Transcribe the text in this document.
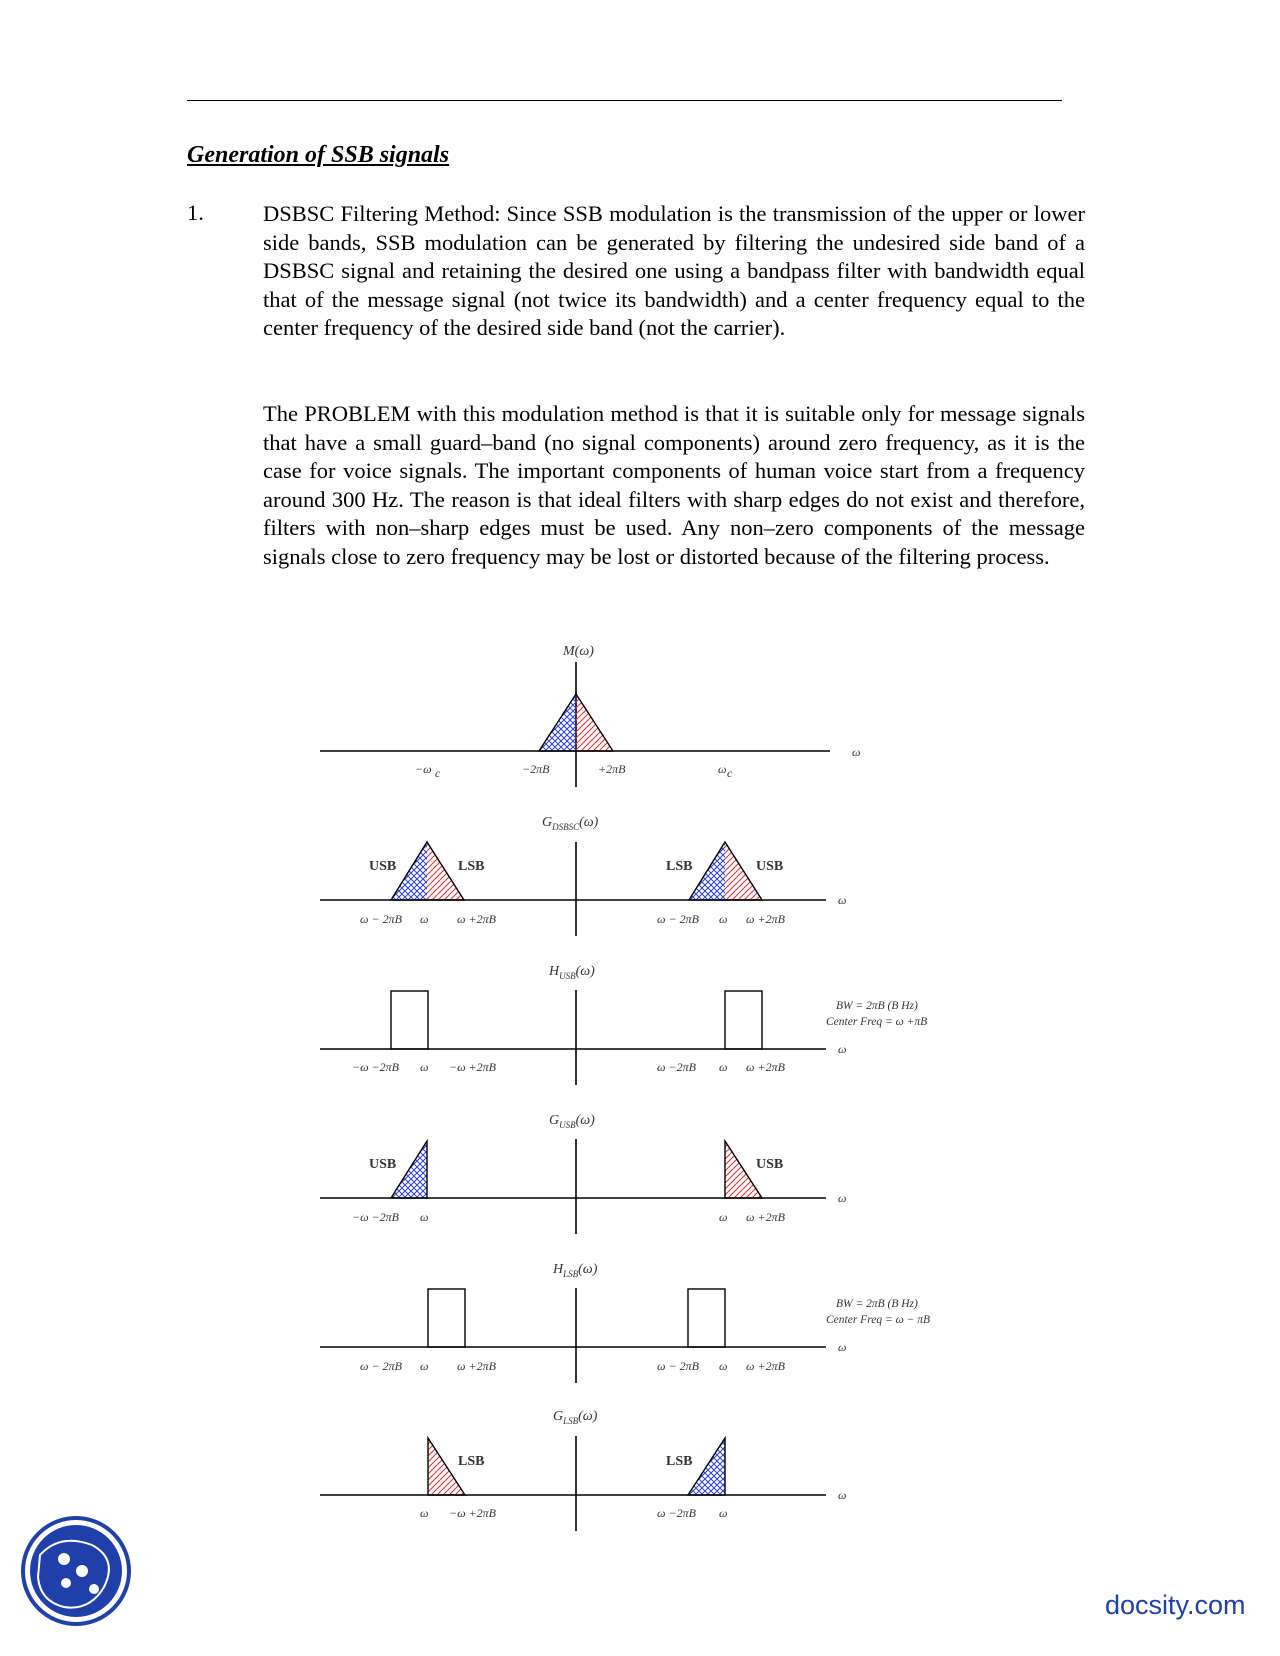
Generation of SSB signals
1.	DSBSC Filtering Method: Since SSB modulation is the transmission of the upper or lower side bands, SSB modulation can be generated by filtering the undesired side band of a DSBSC signal and retaining the desired one using a bandpass filter with bandwidth equal that of the message signal (not twice its bandwidth) and a center frequency equal to the center frequency of the desired side band (not the carrier).

The PROBLEM with this modulation method is that it is suitable only for message signals that have a small guard–band (no signal components) around zero frequency, as it is the case for voice signals. The important components of human voice start from a frequency around 300 Hz. The reason is that ideal filters with sharp edges do not exist and therefore, filters with non–sharp edges must be used. Any non–zero components of the message signals close to zero frequency may be lost or distorted because of the filtering process.

M(ω)
ω
−ω c	−2πB	+2πB	ω c
$G_{DSBSC}(\omega)$
USB	LSB	LSB	USB
ω
ω − 2πB ω ω +2πB	ω − 2πB ω ω +2πB
$H_{USB}(\omega)$
ω
BW = 2πB (B Hz)
Center Freq = ω +πB
−ω −2πB ω −ω +2πB	ω −2πB ω ω +2πB
$G_{USB}(\omega)$
USB	USB
ω
−ω −2πB ω	ω ω +2πB
$H_{LSB}(\omega)$
ω
BW = 2πB (B Hz)
Center Freq = ω − πB
ω − 2πB ω ω +2πB	ω − 2πB ω ω +2πB
$G_{LSB}(\omega)$
LSB	LSB
ω
ω −ω +2πB	ω −2πB ω
docsity.com
